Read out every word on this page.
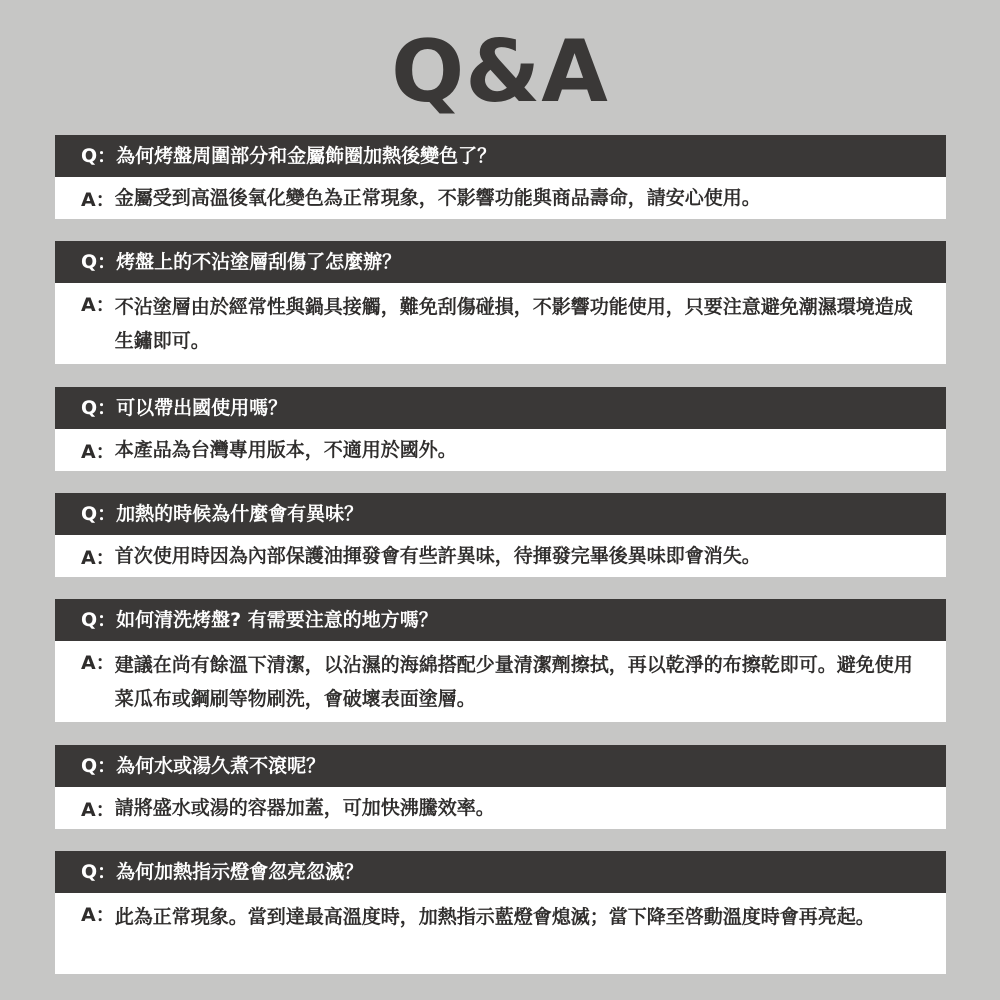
Q&A
Q： 為何烤盤周圍部分和金屬飾圈加熱後變色了？
A： 金屬受到高溫後氧化變色為正常現象，不影響功能與商品壽命，請安心使用。
Q： 烤盤上的不沾塗層刮傷了怎麼辦？
A： 不沾塗層由於經常性與鍋具接觸，難免刮傷碰損，不影響功能使用，只要注意避免潮濕環境造成生鏽即可。
Q： 可以帶出國使用嗎？
A： 本產品為台灣專用版本，不適用於國外。
Q： 加熱的時候為什麼會有異味？
A： 首次使用時因為內部保護油揮發會有些許異味，待揮發完畢後異味即會消失。
Q： 如何清洗烤盤? 有需要注意的地方嗎？
A： 建議在尚有餘溫下清潔，以沾濕的海綿搭配少量清潔劑擦拭，再以乾淨的布擦乾即可。避免使用菜瓜布或鋼刷等物刷洗，會破壞表面塗層。
Q： 為何水或湯久煮不滾呢？
A： 請將盛水或湯的容器加蓋，可加快沸騰效率。
Q： 為何加熱指示燈會忽亮忽滅？
A： 此為正常現象。當到達最高溫度時，加熱指示藍燈會熄滅；當下降至啓動溫度時會再亮起。
